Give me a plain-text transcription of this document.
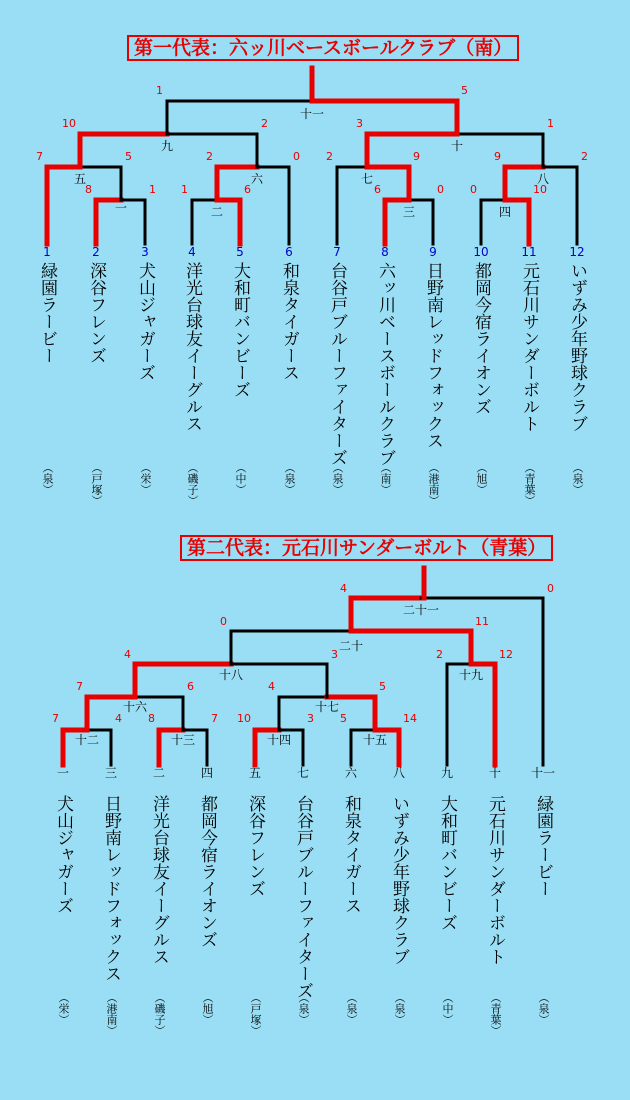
第一代表：六ッ川ベースボールクラブ（南）
第二代表：元石川サンダーボルト（青葉）
8	1
一
1	6
二
6	0
三
0	10
四
7	5
五
2	0
六
2	9
七
9	2
八
10	2
九
3	1
十
1	5
十一
1	2	3	4	5	6	7	8	9	10	11	12
7	4
十二
8	7
十三
10	3
十四
5	14
十五
7	6
十六
4	5
十七
4	3
十八
2	12
十九
0	11
二十
4	0
二十一
一	三	二	四	五	七	六	八	九	十 十一
緑園ラービー
（泉）
深谷フレンズ
（戸塚）
犬山ジャガーズ
（栄）
洋光台球友イーグルス
（磯子）
大和町バンビーズ
（中）
和泉タイガース
（泉）
台谷戸ブルーファイターズ
（泉）
六ッ川ベースボールクラブ
（南）
日野南レッドフォックス
（港南）
都岡今宿ライオンズ
（旭）
元石川サンダーボルト
（青葉）
いずみ少年野球クラブ
（泉）
犬山ジャガーズ
（栄）
日野南レッドフォックス
（港南）
洋光台球友イーグルス
（磯子）
都岡今宿ライオンズ
（旭）
深谷フレンズ
（戸塚）
台谷戸ブルーファイターズ
（泉）
和泉タイガース
（泉）
いずみ少年野球クラブ
（泉）
大和町バンビーズ
（中）
元石川サンダーボルト
（青葉）
緑園ラービー
（泉）
